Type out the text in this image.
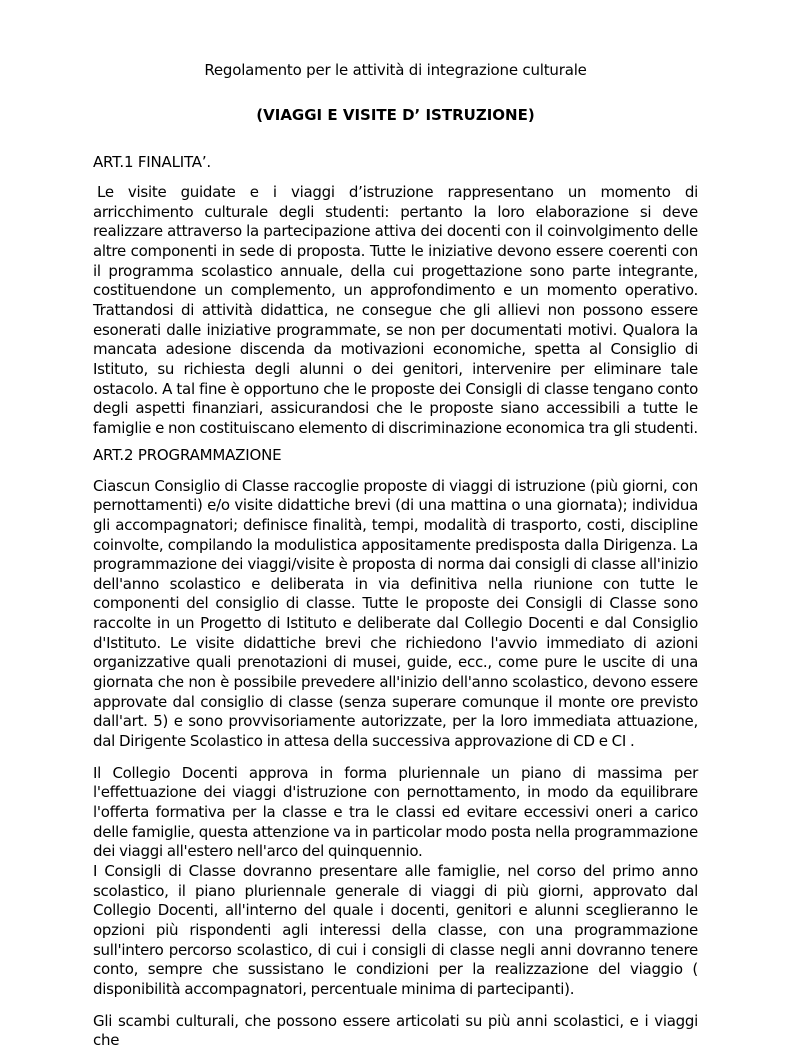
Regolamento per le attività di integrazione culturale

(VIAGGI E VISITE D’ ISTRUZIONE)

ART.1 FINALITA’.

Le visite guidate e i viaggi d’istruzione rappresentano un momento di arricchimento culturale degli studenti: pertanto la loro elaborazione si deve realizzare attraverso la partecipazione attiva dei docenti con il coinvolgimento delle altre componenti in sede di proposta. Tutte le iniziative devono essere coerenti con il programma scolastico annuale, della cui progettazione sono parte integrante, costituendone un complemento, un approfondimento e un momento operativo. Trattandosi di attività didattica, ne consegue che gli allievi non possono essere esonerati dalle iniziative programmate, se non per documentati motivi. Qualora la mancata adesione discenda da motivazioni economiche, spetta al Consiglio di Istituto, su richiesta degli alunni o dei genitori, intervenire per eliminare tale ostacolo. A tal fine è opportuno che le proposte dei Consigli di classe tengano conto degli aspetti finanziari, assicurandosi che le proposte siano accessibili a tutte le famiglie e non costituiscano elemento di discriminazione economica tra gli studenti.

ART.2 PROGRAMMAZIONE

Ciascun Consiglio di Classe raccoglie proposte di viaggi di istruzione (più giorni, con pernottamenti) e/o visite didattiche brevi (di una mattina o una giornata); individua gli accompagnatori; definisce finalità, tempi, modalità di trasporto, costi, discipline coinvolte, compilando la modulistica appositamente predisposta dalla Dirigenza. La programmazione dei viaggi/visite è proposta di norma dai consigli di classe all'inizio dell'anno scolastico e deliberata in via definitiva nella riunione con tutte le componenti del consiglio di classe. Tutte le proposte dei Consigli di Classe sono raccolte in un Progetto di Istituto e deliberate dal Collegio Docenti e dal Consiglio d'Istituto. Le visite didattiche brevi che richiedono l'avvio immediato di azioni organizzative quali prenotazioni di musei, guide, ecc., come pure le uscite di una giornata che non è possibile prevedere all'inizio dell'anno scolastico, devono essere approvate dal consiglio di classe (senza superare comunque il monte ore previsto dall'art. 5) e sono provvisoriamente autorizzate, per la loro immediata attuazione, dal Dirigente Scolastico in attesa della successiva approvazione di CD e CI .

Il Collegio Docenti approva in forma pluriennale un piano di massima per l'effettuazione dei viaggi d'istruzione con pernottamento, in modo da equilibrare l'offerta formativa per la classe e tra le classi ed evitare eccessivi oneri a carico delle famiglie, questa attenzione va in particolar modo posta nella programmazione dei viaggi all'estero nell'arco del quinquennio.

I Consigli di Classe dovranno presentare alle famiglie, nel corso del primo anno scolastico, il piano pluriennale generale di viaggi di più giorni, approvato dal Collegio Docenti, all'interno del quale i docenti, genitori e alunni sceglieranno le opzioni più rispondenti agli interessi della classe, con una programmazione sull'intero percorso scolastico, di cui i consigli di classe negli anni dovranno tenere conto, sempre che sussistano le condizioni per la realizzazione del viaggio ( disponibilità accompagnatori, percentuale minima di partecipanti).

Gli scambi culturali, che possono essere articolati su più anni scolastici, e i viaggi che
